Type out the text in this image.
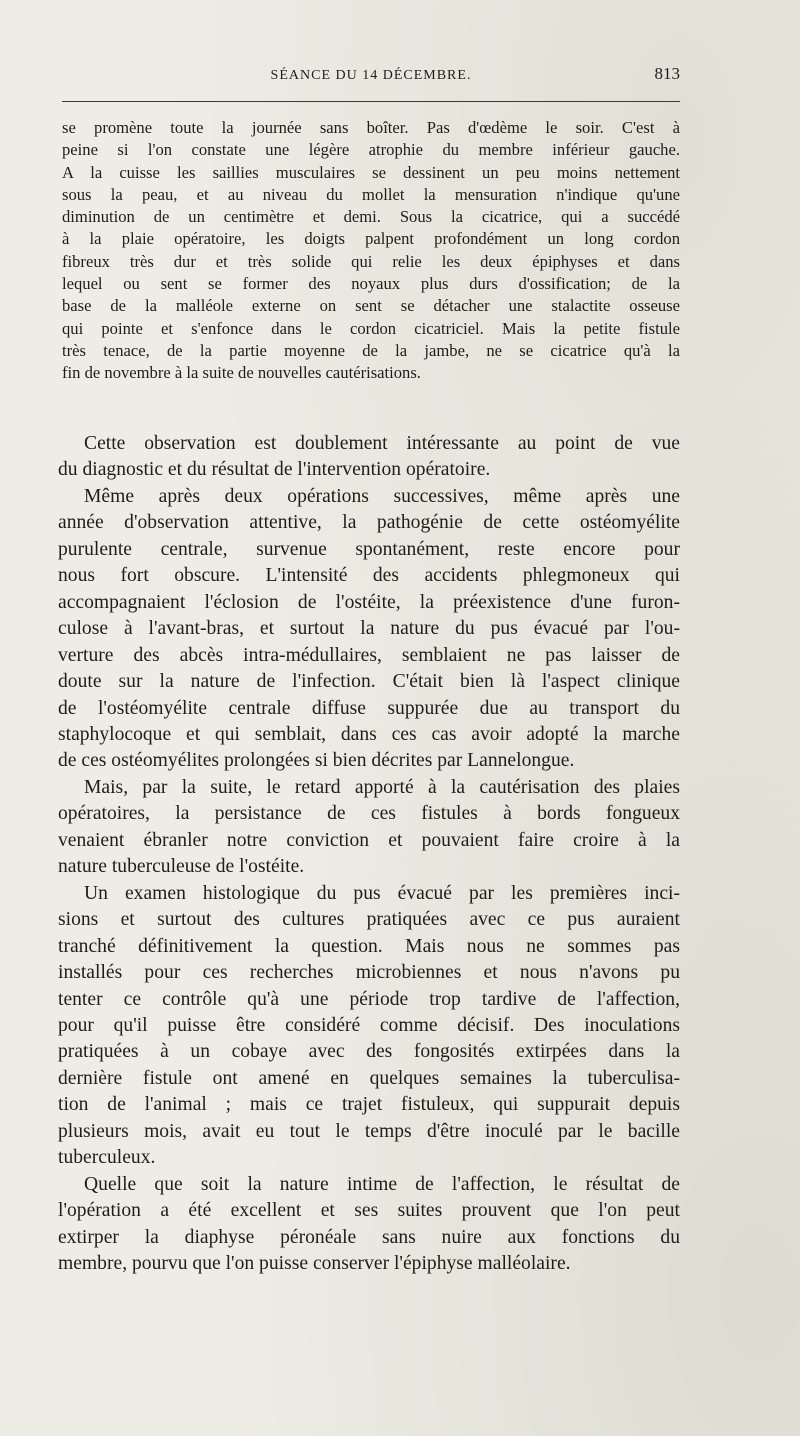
SÉANCE DU 14 DÉCEMBRE.	813
se promène toute la journée sans boîter. Pas d'œdème le soir. C'est à
peine si l'on constate une légère atrophie du membre inférieur gauche.
A la cuisse les saillies musculaires se dessinent un peu moins nettement
sous la peau, et au niveau du mollet la mensuration n'indique qu'une
diminution de un centimètre et demi. Sous la cicatrice, qui a succédé
à la plaie opératoire, les doigts palpent profondément un long cordon
fibreux très dur et très solide qui relie les deux épiphyses et dans
lequel ou sent se former des noyaux plus durs d'ossification; de la
base de la malléole externe on sent se détacher une stalactite osseuse
qui pointe et s'enfonce dans le cordon cicatriciel. Mais la petite fistule
très tenace, de la partie moyenne de la jambe, ne se cicatrice qu'à la
fin de novembre à la suite de nouvelles cautérisations.
Cette observation est doublement intéressante au point de vue
du diagnostic et du résultat de l'intervention opératoire.
Même après deux opérations successives, même après une
année d'observation attentive, la pathogénie de cette ostéomyélite
purulente centrale, survenue spontanément, reste encore pour
nous fort obscure. L'intensité des accidents phlegmoneux qui
accompagnaient l'éclosion de l'ostéite, la préexistence d'une furon-
culose à l'avant-bras, et surtout la nature du pus évacué par l'ou-
verture des abcès intra-médullaires, semblaient ne pas laisser de
doute sur la nature de l'infection. C'était bien là l'aspect clinique
de l'ostéomyélite centrale diffuse suppurée due au transport du
staphylocoque et qui semblait, dans ces cas avoir adopté la marche
de ces ostéomyélites prolongées si bien décrites par Lannelongue.
Mais, par la suite, le retard apporté à la cautérisation des plaies
opératoires, la persistance de ces fistules à bords fongueux
venaient ébranler notre conviction et pouvaient faire croire à la
nature tuberculeuse de l'ostéite.
Un examen histologique du pus évacué par les premières inci-
sions et surtout des cultures pratiquées avec ce pus auraient
tranché définitivement la question. Mais nous ne sommes pas
installés pour ces recherches microbiennes et nous n'avons pu
tenter ce contrôle qu'à une période trop tardive de l'affection,
pour qu'il puisse être considéré comme décisif. Des inoculations
pratiquées à un cobaye avec des fongosités extirpées dans la
dernière fistule ont amené en quelques semaines la tuberculisa-
tion de l'animal ; mais ce trajet fistuleux, qui suppurait depuis
plusieurs mois, avait eu tout le temps d'être inoculé par le bacille
tuberculeux.
Quelle que soit la nature intime de l'affection, le résultat de
l'opération a été excellent et ses suites prouvent que l'on peut
extirper la diaphyse péronéale sans nuire aux fonctions du
membre, pourvu que l'on puisse conserver l'épiphyse malléolaire.
